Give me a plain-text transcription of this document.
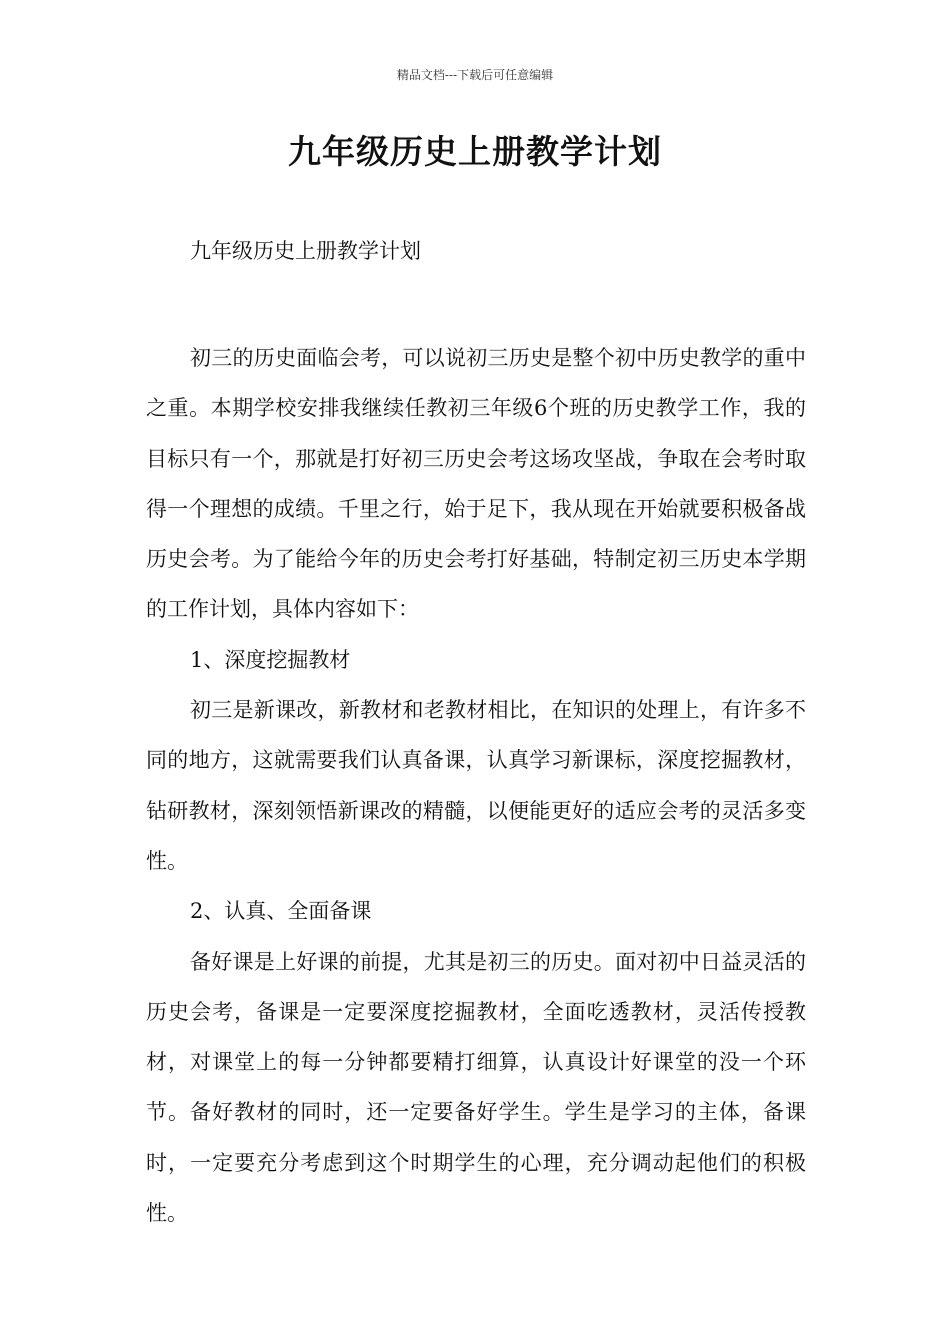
精品文档---下载后可任意编辑
九年级历史上册教学计划
九年级历史上册教学计划

初三的历史面临会考，可以说初三历史是整个初中历史教学的重中之重。本期学校安排我继续任教初三年级6个班的历史教学工作，我的目标只有一个，那就是打好初三历史会考这场攻坚战，争取在会考时取得一个理想的成绩。千里之行，始于足下，我从现在开始就要积极备战历史会考。为了能给今年的历史会考打好基础，特制定初三历史本学期的工作计划，具体内容如下：

1、深度挖掘教材

初三是新课改，新教材和老教材相比，在知识的处理上，有许多不同的地方，这就需要我们认真备课，认真学习新课标，深度挖掘教材，钻研教材，深刻领悟新课改的精髓，以便能更好的适应会考的灵活多变性。

2、认真、全面备课

备好课是上好课的前提，尤其是初三的历史。面对初中日益灵活的历史会考，备课是一定要深度挖掘教材，全面吃透教材，灵活传授教材，对课堂上的每一分钟都要精打细算，认真设计好课堂的没一个环节。备好教材的同时，还一定要备好学生。学生是学习的主体，备课时，一定要充分考虑到这个时期学生的心理，充分调动起他们的积极性。
